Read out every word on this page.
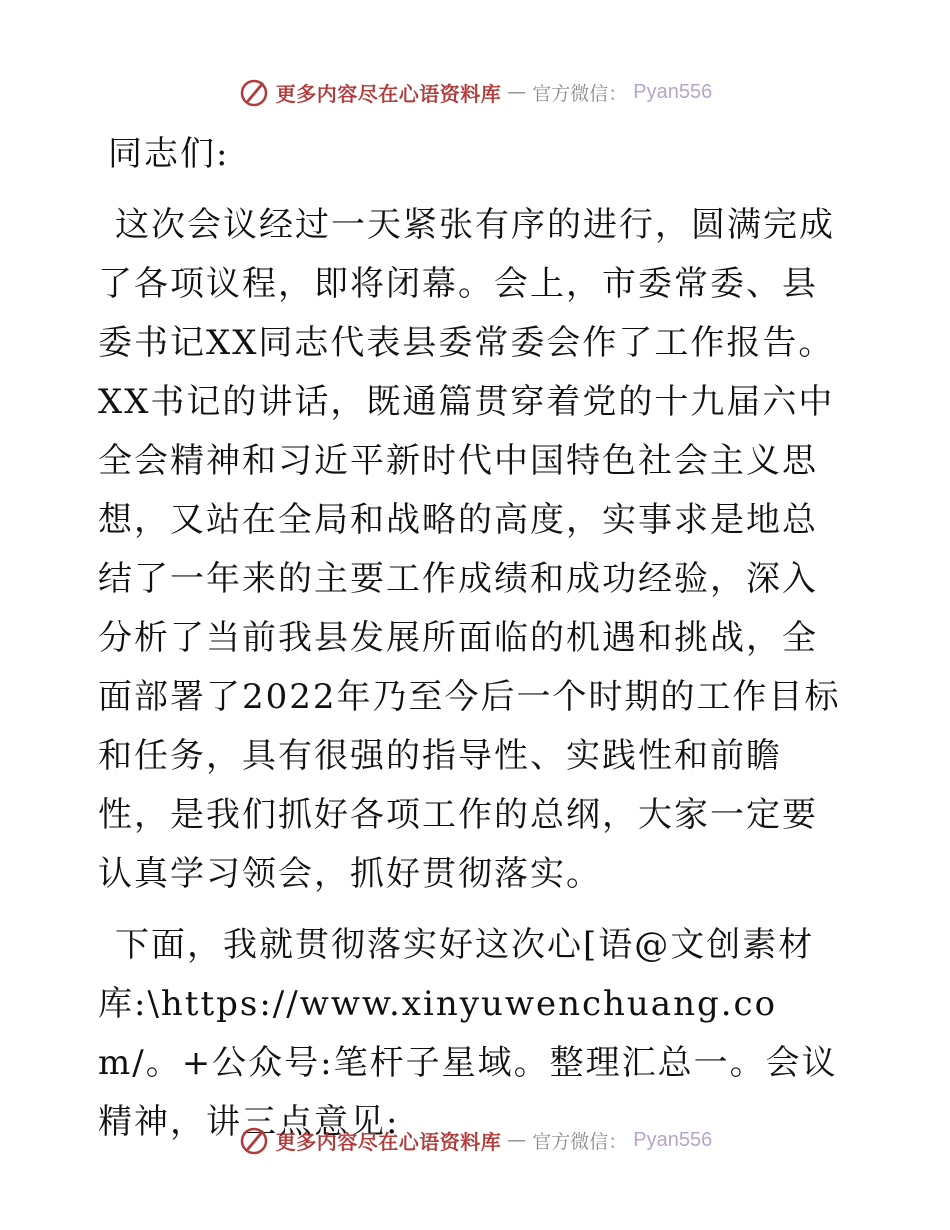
更多内容尽在心语资料库 — 官方微信： Pyan556

同志们:

这次会议经过一天紧张有序的进行，圆满完成了各项议程，即将闭幕。会上，市委常委、县委书记XX同志代表县委常委会作了工作报告。XX书记的讲话，既通篇贯穿着党的十九届六中全会精神和习近平新时代中国特色社会主义思想，又站在全局和战略的高度，实事求是地总结了一年来的主要工作成绩和成功经验，深入分析了当前我县发展所面临的机遇和挑战，全面部署了2022年乃至今后一个时期的工作目标和任务，具有很强的指导性、实践性和前瞻性，是我们抓好各项工作的总纲，大家一定要认真学习领会，抓好贯彻落实。

下面，我就贯彻落实好这次心[语@文创素材库:\https://www.xinyuwenchuang.com/。+公众号:笔杆子星域。整理汇总一。会议精神，讲三点意见:

更多内容尽在心语资料库 — 官方微信： Pyan556
